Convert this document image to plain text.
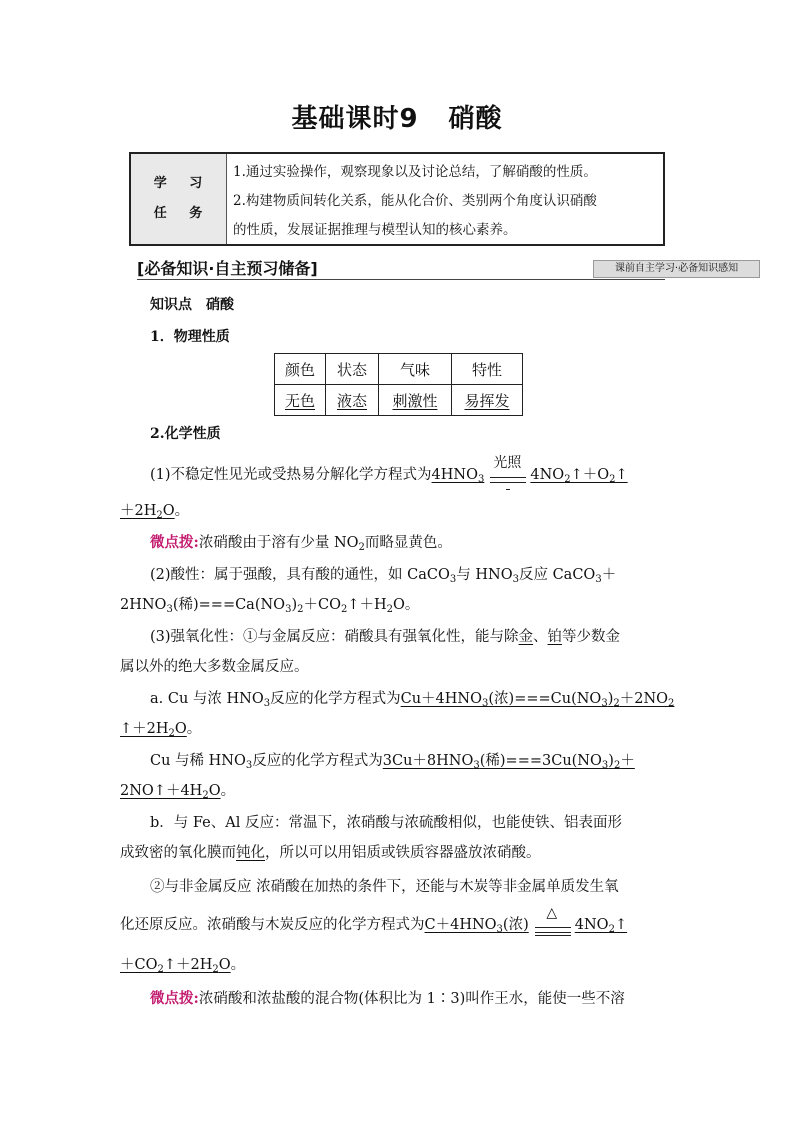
基础课时9 硝酸
学 习
任 务
1.通过实验操作，观察现象以及讨论总结，了解硝酸的性质。
2.构建物质间转化关系，能从化合价、类别两个角度认识硝酸
的性质，发展证据推理与模型认知的核心素养。
[必备知识·自主预习储备]	课前自主学习·必备知识感知
知识点 硝酸
1．物理性质
颜色	状态	气味	特性
无色	液态	刺激性	易挥发
2.化学性质
(1)不稳定性见光或受热易分解化学方程式为$4HNO_3$
光照
$4NO_2↑+O_2↑$
$+2H_2O$。
微点拨:浓硝酸由于溶有少量 $NO_2$而略显黄色。
(2)酸性：属于强酸，具有酸的通性，如 CaCO$_3$与 $HNO_3$反应 CaCO$_3$＋
$2HNO_3$(稀)$===Ca(NO_3)_2+CO_2↑+H_2O$。
(3)强氧化性：①与金属反应：硝酸具有强氧化性，能与除金、铂等少数金
属以外的绝大多数金属反应。
a. Cu 与浓 $HNO_3$反应的化学方程式为$Cu+4HNO_3$(浓)$===Cu(NO_3)_2+2NO_2$
$↑+2H_2O$。
Cu 与稀 $HNO_3$反应的化学方程式为$3Cu+8HNO_3$(稀)$===3Cu(NO_3)_2+$
$2NO↑+4H_2O$。
b．与 Fe、Al 反应：常温下，浓硝酸与浓硫酸相似，也能使铁、铝表面形
成致密的氧化膜而钝化，所以可以用铝质或铁质容器盛放浓硝酸。
②与非金属反应 浓硝酸在加热的条件下，还能与木炭等非金属单质发生氧
化还原反应。浓硝酸与木炭反应的化学方程式为$C+4HNO_3$(浓)
△
$4NO_2↑$
$+CO_2↑+2H_2O$。
微点拨:浓硝酸和浓盐酸的混合物(体积比为 1∶3)叫作王水，能使一些不溶
